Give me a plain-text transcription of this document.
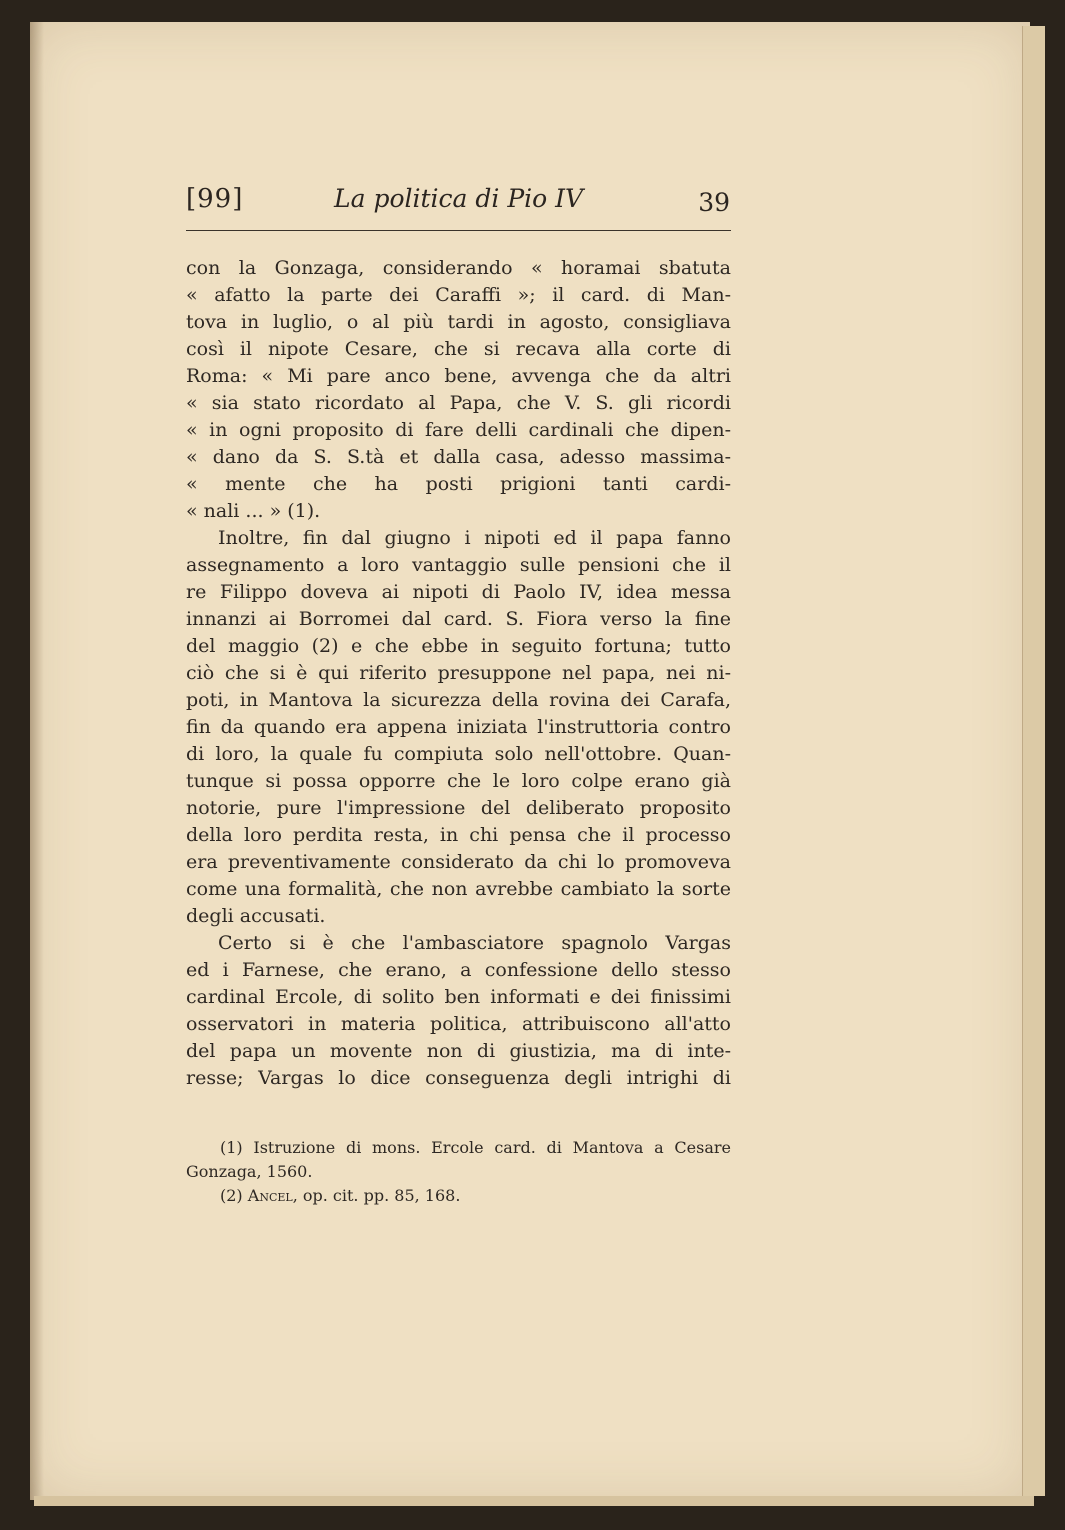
[99]	La politica di Pio IV	39
con la Gonzaga, considerando « horamai sbatuta
« afatto la parte dei Caraffi »; il card. di Man-
tova in luglio, o al più tardi in agosto, consigliava
così il nipote Cesare, che si recava alla corte di
Roma: « Mi pare anco bene, avvenga che da altri
« sia stato ricordato al Papa, che V. S. gli ricordi
« in ogni proposito di fare delli cardinali che dipen-
« dano da S. S.tà et dalla casa, adesso massima-
« mente che ha posti prigioni tanti cardi-
« nali ... » (1).
Inoltre, fin dal giugno i nipoti ed il papa fanno
assegnamento a loro vantaggio sulle pensioni che il
re Filippo doveva ai nipoti di Paolo IV, idea messa
innanzi ai Borromei dal card. S. Fiora verso la fine
del maggio (2) e che ebbe in seguito fortuna; tutto
ciò che si è qui riferito presuppone nel papa, nei ni-
poti, in Mantova la sicurezza della rovina dei Carafa,
fin da quando era appena iniziata l'instruttoria contro
di loro, la quale fu compiuta solo nell'ottobre. Quan-
tunque si possa opporre che le loro colpe erano già
notorie, pure l'impressione del deliberato proposito
della loro perdita resta, in chi pensa che il processo
era preventivamente considerato da chi lo promoveva
come una formalità, che non avrebbe cambiato la sorte
degli accusati.
Certo si è che l'ambasciatore spagnolo Vargas
ed i Farnese, che erano, a confessione dello stesso
cardinal Ercole, di solito ben informati e dei finissimi
osservatori in materia politica, attribuiscono all'atto
del papa un movente non di giustizia, ma di inte-
resse; Vargas lo dice conseguenza degli intrighi di
(1) Istruzione di mons. Ercole card. di Mantova a Cesare
Gonzaga, 1560.
(2) Ancel, op. cit. pp. 85, 168.
